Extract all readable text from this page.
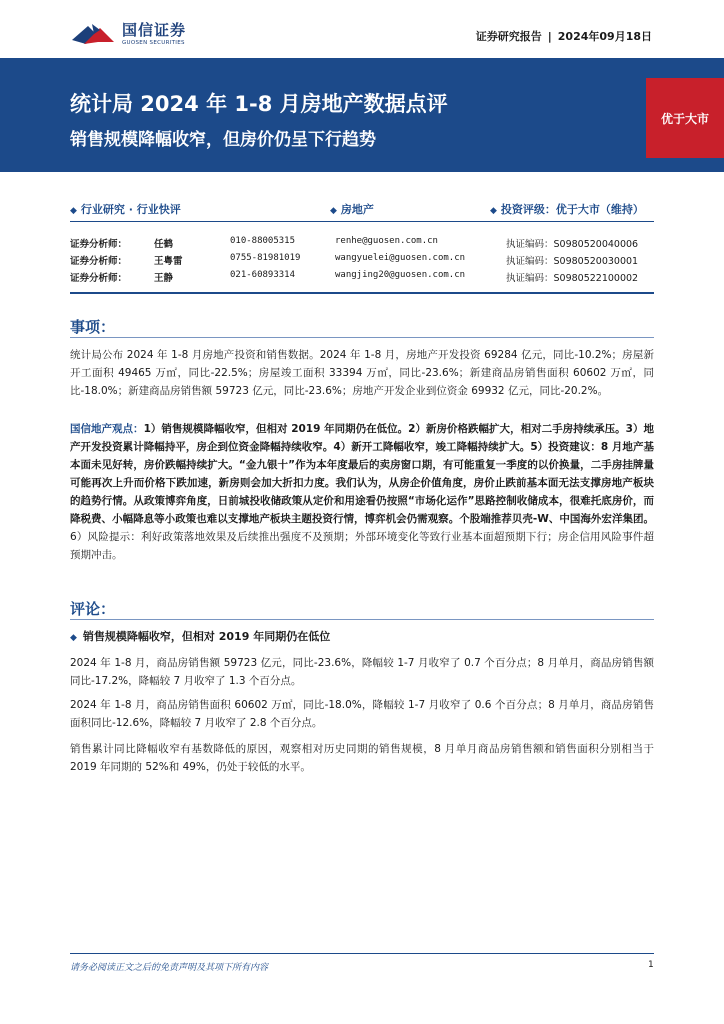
国信证券
GUOSEN SECURITIES	证券研究报告 | 2024年09月18日
统计局 2024 年 1-8 月房地产数据点评
销售规模降幅收窄，但房价仍呈下行趋势
优于大市
◆ 行业研究 · 行业快评	◆ 房地产	◆ 投资评级：优于大市（维持）
证券分析师：	任鹤	010-88005315	renhe@guosen.com.cn	执证编码：S0980520040006
证券分析师：	王粤雷	0755-81981019	wangyuelei@guosen.com.cn	执证编码：S0980520030001
证券分析师：	王静	021-60893314	wangjing20@guosen.com.cn	执证编码：S0980522100002
事项：
统计局公布 2024 年 1-8 月房地产投资和销售数据。2024 年 1-8 月，房地产开发投资 69284 亿元，同比-10.2%；房屋新开工面积 49465 万㎡，同比-22.5%；房屋竣工面积 33394 万㎡，同比-23.6%；新建商品房销售面积 60602 万㎡，同比-18.0%；新建商品房销售额 59723 亿元，同比-23.6%；房地产开发企业到位资金 69932 亿元，同比-20.2%。
国信地产观点：1）销售规模降幅收窄，但相对 2019 年同期仍在低位。2）新房价格跌幅扩大，相对二手房持续承压。3）地产开发投资累计降幅持平，房企到位资金降幅持续收窄。4）新开工降幅收窄，竣工降幅持续扩大。5）投资建议：8 月地产基本面未见好转，房价跌幅持续扩大。“金九银十”作为本年度最后的卖房窗口期，有可能重复一季度的以价换量，二手房挂牌量可能再次上升而价格下跌加速，新房则会加大折扣力度。我们认为，从房企价值角度，房价止跌前基本面无法支撑房地产板块的趋势行情。从政策博弈角度，日前城投收储政策从定价和用途看仍按照“市场化运作”思路控制收储成本，很难托底房价，而降税费、小幅降息等小政策也难以支撑地产板块主题投资行情，博弈机会仍需观察。个股端推荐贝壳-W、中国海外宏洋集团。6）风险提示：利好政策落地效果及后续推出强度不及预期；外部环境变化等致行业基本面超预期下行；房企信用风险事件超预期冲击。
评论：
◆ 销售规模降幅收窄，但相对 2019 年同期仍在低位
2024 年 1-8 月，商品房销售额 59723 亿元，同比-23.6%，降幅较 1-7 月收窄了 0.7 个百分点；8 月单月，商品房销售额同比-17.2%，降幅较 7 月收窄了 1.3 个百分点。
2024 年 1-8 月，商品房销售面积 60602 万㎡，同比-18.0%，降幅较 1-7 月收窄了 0.6 个百分点；8 月单月，商品房销售面积同比-12.6%，降幅较 7 月收窄了 2.8 个百分点。
销售累计同比降幅收窄有基数降低的原因，观察相对历史同期的销售规模，8 月单月商品房销售额和销售面积分别相当于 2019 年同期的 52%和 49%，仍处于较低的水平。
请务必阅读正文之后的免责声明及其项下所有内容	1
